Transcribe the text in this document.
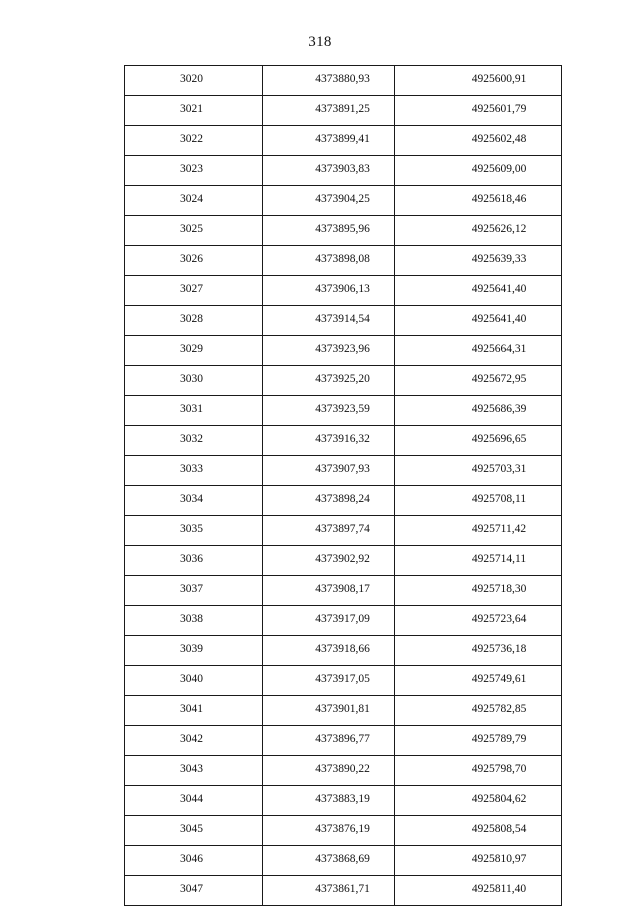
318
3020	4373880,93	4925600,91
3021	4373891,25	4925601,79
3022	4373899,41	4925602,48
3023	4373903,83	4925609,00
3024	4373904,25	4925618,46
3025	4373895,96	4925626,12
3026	4373898,08	4925639,33
3027	4373906,13	4925641,40
3028	4373914,54	4925641,40
3029	4373923,96	4925664,31
3030	4373925,20	4925672,95
3031	4373923,59	4925686,39
3032	4373916,32	4925696,65
3033	4373907,93	4925703,31
3034	4373898,24	4925708,11
3035	4373897,74	4925711,42
3036	4373902,92	4925714,11
3037	4373908,17	4925718,30
3038	4373917,09	4925723,64
3039	4373918,66	4925736,18
3040	4373917,05	4925749,61
3041	4373901,81	4925782,85
3042	4373896,77	4925789,79
3043	4373890,22	4925798,70
3044	4373883,19	4925804,62
3045	4373876,19	4925808,54
3046	4373868,69	4925810,97
3047	4373861,71	4925811,40
